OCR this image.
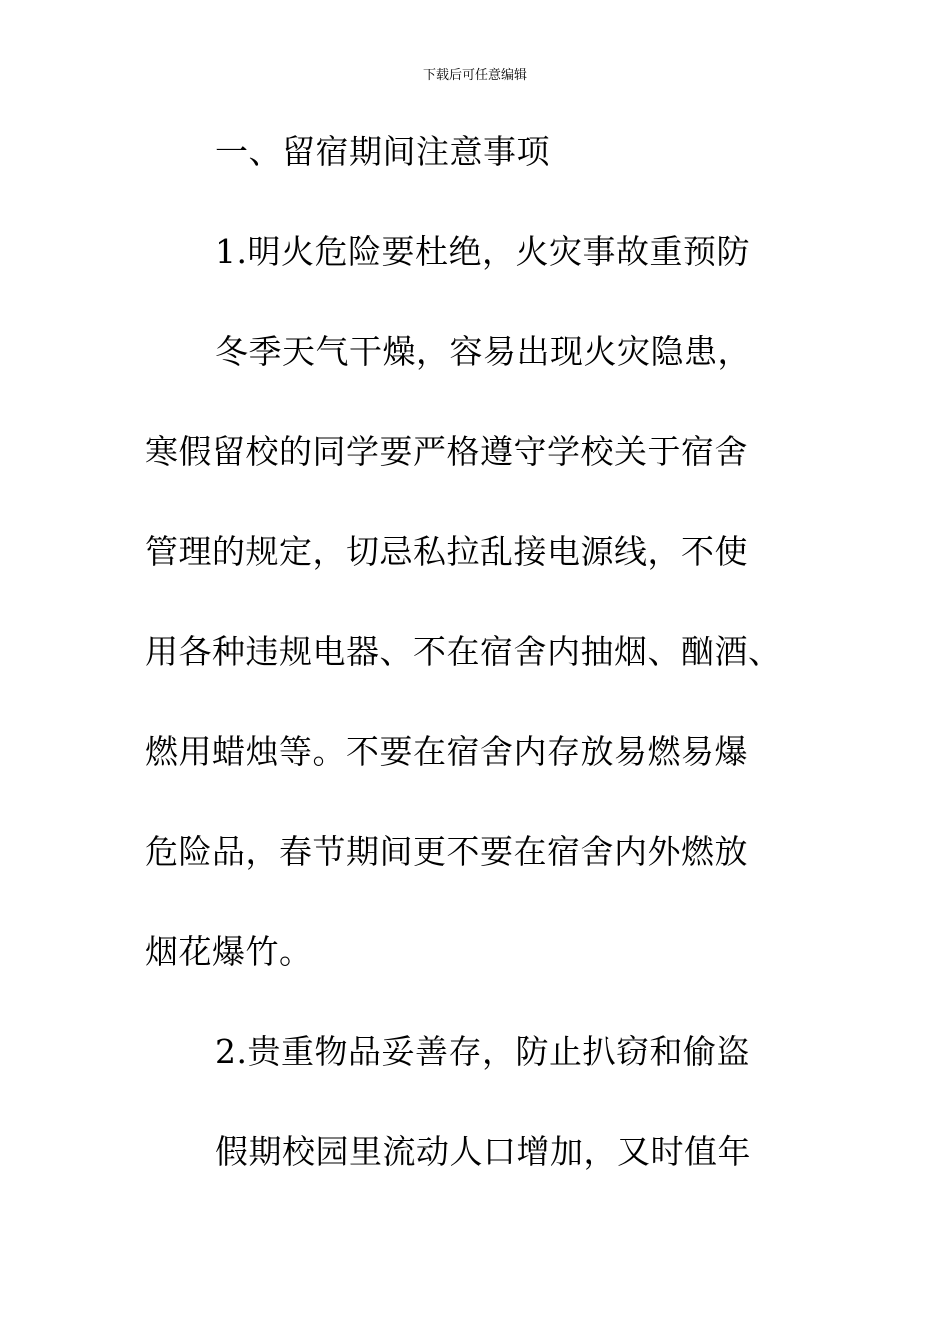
下载后可任意编辑
一、留宿期间注意事项
1.明火危险要杜绝，火灾事故重预防
冬季天气干燥，容易出现火灾隐患，
寒假留校的同学要严格遵守学校关于宿舍
管理的规定，切忌私拉乱接电源线，不使
用各种违规电器、不在宿舍内抽烟、酗酒、
燃用蜡烛等。不要在宿舍内存放易燃易爆
危险品，春节期间更不要在宿舍内外燃放
烟花爆竹。
2.贵重物品妥善存，防止扒窃和偷盗
假期校园里流动人口增加，又时值年
